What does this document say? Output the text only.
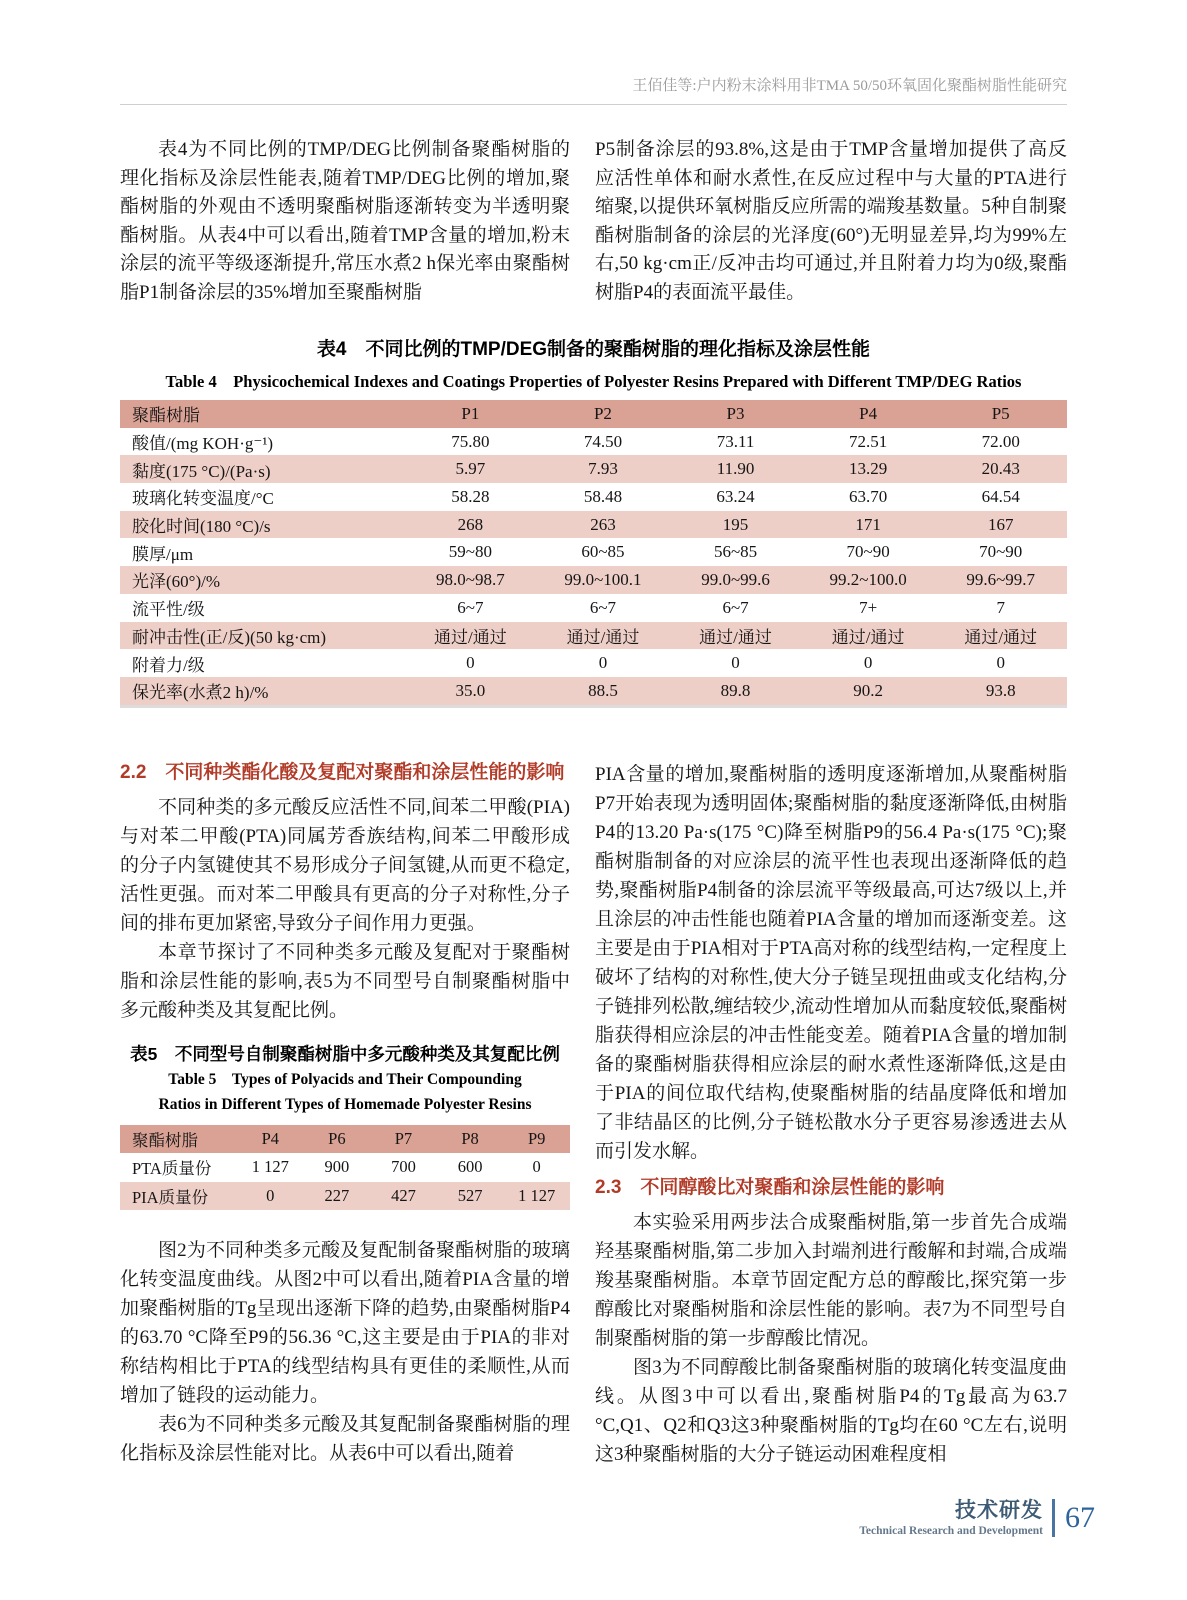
王佰佳等:户内粉末涂料用非TMA 50/50环氧固化聚酯树脂性能研究

表4为不同比例的TMP/DEG比例制备聚酯树脂的理化指标及涂层性能表,随着TMP/DEG比例的增加,聚酯树脂的外观由不透明聚酯树脂逐渐转变为半透明聚酯树脂。从表4中可以看出,随着TMP含量的增加,粉末涂层的流平等级逐渐提升,常压水煮2 h保光率由聚酯树脂P1制备涂层的35%增加至聚酯树脂

P5制备涂层的93.8%,这是由于TMP含量增加提供了高反应活性单体和耐水煮性,在反应过程中与大量的PTA进行缩聚,以提供环氧树脂反应所需的端羧基数量。5种自制聚酯树脂制备的涂层的光泽度(60°)无明显差异,均为99%左右,50 kg·cm正/反冲击均可通过,并且附着力均为0级,聚酯树脂P4的表面流平最佳。

表4　不同比例的TMP/DEG制备的聚酯树脂的理化指标及涂层性能
Table 4　Physicochemical Indexes and Coatings Properties of Polyester Resins Prepared with Different TMP/DEG Ratios
聚酯树脂	P1	P2	P3	P4	P5
酸值/(mg KOH·g⁻¹)	75.80	74.50	73.11	72.51	72.00
黏度(175 °C)/(Pa·s)	5.97	7.93	11.90	13.29	20.43
玻璃化转变温度/°C	58.28	58.48	63.24	63.70	64.54
胶化时间(180 °C)/s	268	263	195	171	167
膜厚/μm	59~80	60~85	56~85	70~90	70~90
光泽(60°)/%	98.0~98.7	99.0~100.1	99.0~99.6	99.2~100.0	99.6~99.7
流平性/级	6~7	6~7	6~7	7+	7
耐冲击性(正/反)(50 kg·cm)	通过/通过	通过/通过	通过/通过	通过/通过	通过/通过
附着力/级	0	0	0	0	0
保光率(水煮2 h)/%	35.0	88.5	89.8	90.2	93.8
2.2　不同种类酯化酸及复配对聚酯和涂层性能的影响

不同种类的多元酸反应活性不同,间苯二甲酸(PIA)与对苯二甲酸(PTA)同属芳香族结构,间苯二甲酸形成的分子内氢键使其不易形成分子间氢键,从而更不稳定,活性更强。而对苯二甲酸具有更高的分子对称性,分子间的排布更加紧密,导致分子间作用力更强。

本章节探讨了不同种类多元酸及复配对于聚酯树脂和涂层性能的影响,表5为不同型号自制聚酯树脂中多元酸种类及其复配比例。

表5　不同型号自制聚酯树脂中多元酸种类及其复配比例
Table 5　Types of Polyacids and Their Compounding
Ratios in Different Types of Homemade Polyester Resins
聚酯树脂	P4	P6	P7	P8	P9
PTA质量份	1 127	900	700	600	0
PIA质量份	0	227	427	527	1 127

图2为不同种类多元酸及复配制备聚酯树脂的玻璃化转变温度曲线。从图2中可以看出,随着PIA含量的增加聚酯树脂的Tg呈现出逐渐下降的趋势,由聚酯树脂P4的63.70 °C降至P9的56.36 °C,这主要是由于PIA的非对称结构相比于PTA的线型结构具有更佳的柔顺性,从而增加了链段的运动能力。

表6为不同种类多元酸及其复配制备聚酯树脂的理化指标及涂层性能对比。从表6中可以看出,随着

PIA含量的增加,聚酯树脂的透明度逐渐增加,从聚酯树脂P7开始表现为透明固体;聚酯树脂的黏度逐渐降低,由树脂P4的13.20 Pa·s(175 °C)降至树脂P9的56.4 Pa·s(175 °C);聚酯树脂制备的对应涂层的流平性也表现出逐渐降低的趋势,聚酯树脂P4制备的涂层流平等级最高,可达7级以上,并且涂层的冲击性能也随着PIA含量的增加而逐渐变差。这主要是由于PIA相对于PTA高对称的线型结构,一定程度上破坏了结构的对称性,使大分子链呈现扭曲或支化结构,分子链排列松散,缠结较少,流动性增加从而黏度较低,聚酯树脂获得相应涂层的冲击性能变差。随着PIA含量的增加制备的聚酯树脂获得相应涂层的耐水煮性逐渐降低,这是由于PIA的间位取代结构,使聚酯树脂的结晶度降低和增加了非结晶区的比例,分子链松散水分子更容易渗透进去从而引发水解。

2.3　不同醇酸比对聚酯和涂层性能的影响

本实验采用两步法合成聚酯树脂,第一步首先合成端羟基聚酯树脂,第二步加入封端剂进行酸解和封端,合成端羧基聚酯树脂。本章节固定配方总的醇酸比,探究第一步醇酸比对聚酯树脂和涂层性能的影响。表7为不同型号自制聚酯树脂的第一步醇酸比情况。

图3为不同醇酸比制备聚酯树脂的玻璃化转变温度曲线。从图3中可以看出,聚酯树脂P4的Tg最高为63.7 °C,Q1、Q2和Q3这3种聚酯树脂的Tg均在60 °C左右,说明这3种聚酯树脂的大分子链运动困难程度相

技术研发
Technical Research and Development 67
